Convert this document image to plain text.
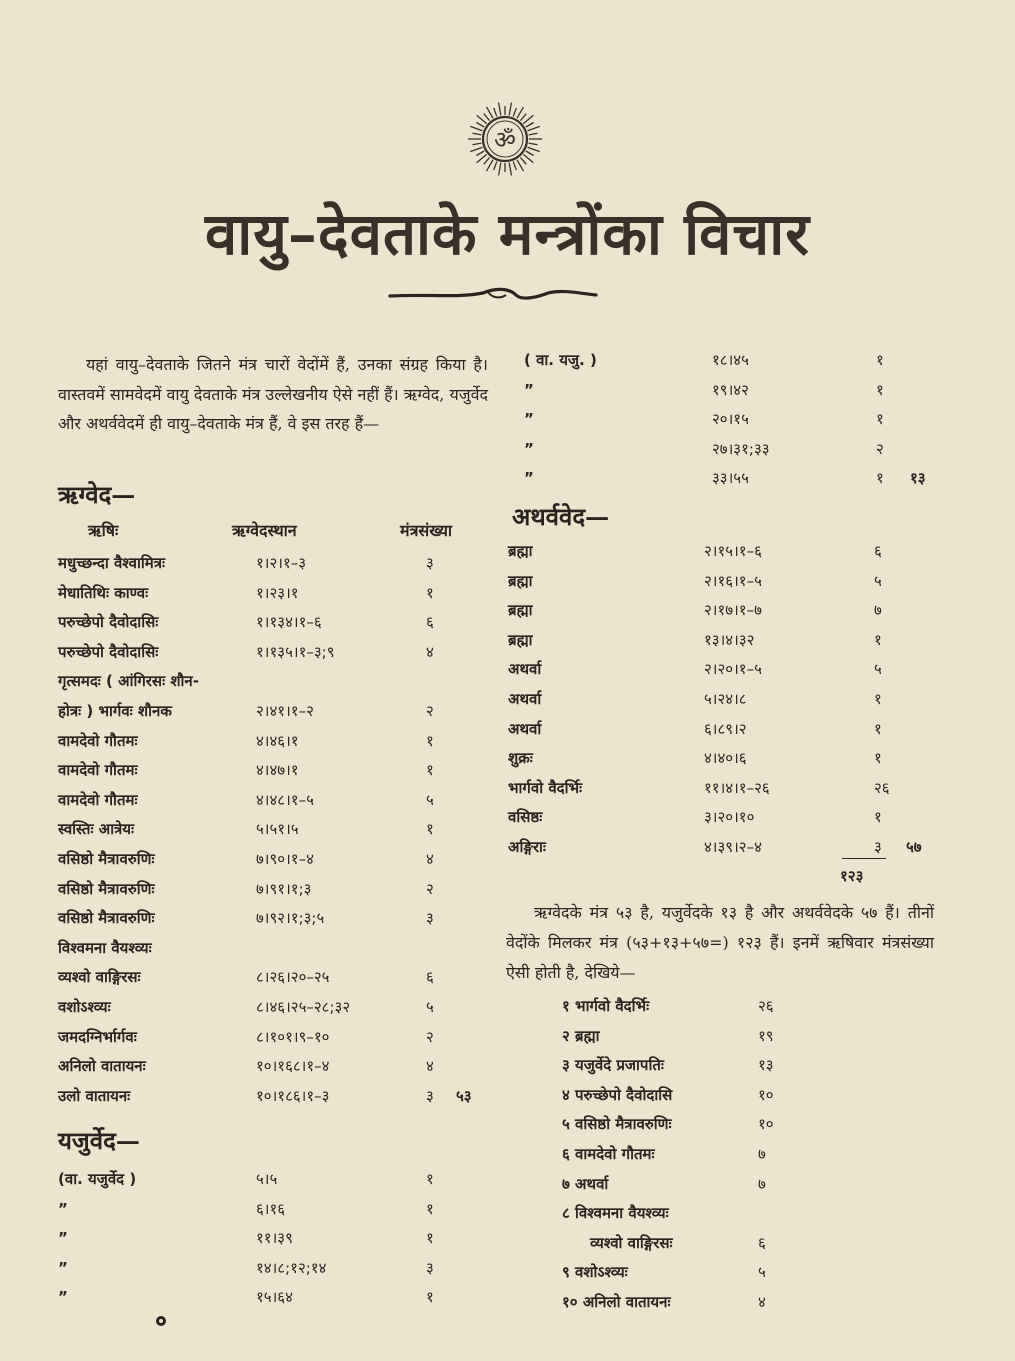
ॐ
वायु–देवताके मन्त्रोंका विचार
यहां वायु–देवताके जितने मंत्र चारों वेदोंमें हैं, उनका संग्रह किया है। वास्तवमें सामवेदमें वायु देवताके मंत्र उल्लेखनीय ऐसे नहीं हैं। ऋग्वेद, यजुर्वेद और अथर्ववेदमें ही वायु–देवताके मंत्र हैं, वे इस तरह हैं—
ऋग्वेद—
ऋषिः	ऋग्वेदस्थान	मंत्रसंख्या
मधुच्छन्दा वैश्वामित्रः	१।२।१–३	३
मेधातिथिः काण्वः	१।२३।१	१
परुच्छेपो दैवोदासिः	१।१३४।१–६	६
परुच्छेपो दैवोदासिः	१।१३५।१–३;९	४
गृत्समदः ( आंगिरसः शौन-
होत्रः ) भार्गवः शौनक	२।४१।१–२	२
वामदेवो गौतमः	४।४६।१	१
वामदेवो गौतमः	४।४७।१	१
वामदेवो गौतमः	४।४८।१–५	५
स्वस्तिः आत्रेयः	५।५१।५	१
वसिष्ठो मैत्रावरुणिः	७।९०।१–४	४
वसिष्ठो मैत्रावरुणिः	७।९१।१;३	२
वसिष्ठो मैत्रावरुणिः	७।९२।१;३;५	३
विश्वमना वैयश्व्यः
व्यश्वो वाङ्गिरसः	८।२६।२०–२५	६
वशोऽश्व्यः	८।४६।२५–२८;३२	५
जमदग्निर्भार्गवः	८।१०१।९–१०	२
अनिलो वातायनः	१०।१६८।१–४	४
उलो वातायनः	१०।१८६।१–३	३ ५३
यजुर्वेद—
(वा. यजुर्वेद )	५।५	१
”	६।१६	१
”	११।३९	१
”	१४।८;१२;१४	३
”	१५।६४	१
( वा. यजु. )	१८।४५	१
”	१९।४२	१
”	२०।१५	१
”	२७।३१;३३	२
”	३३।५५	१ १३
अथर्ववेद—
ब्रह्मा	२।१५।१–६	६
ब्रह्मा	२।१६।१–५	५
ब्रह्मा	२।१७।१–७	७
ब्रह्मा	१३।४।३२	१
अथर्वा	२।२०।१–५	५
अथर्वा	५।२४।८	१
अथर्वा	६।८९।२	१
शुक्रः	४।४०।६	१
भार्गवो वैदर्भिः	११।४।१–२६	२६
वसिष्ठः	३।२०।१०	१
अङ्गिराः	४।३९।२–४	३ ५७
१२३
ऋग्वेदके मंत्र ५३ है, यजुर्वेदके १३ है और अथर्ववेदके ५७ हैं। तीनों वेदोंके मिलकर मंत्र (५३+१३+५७=) १२३ हैं। इनमें ऋषिवार मंत्रसंख्या ऐसी होती है, देखिये—
१ भार्गवो वैदर्भिः	२६
२ ब्रह्मा	१९
३ यजुर्वेदे प्रजापतिः	१३
४ परुच्छेपो दैवोदासि	१०
५ वसिष्ठो मैत्रावरुणिः	१०
६ वामदेवो गौतमः	७
७ अथर्वा	७
८ विश्वमना वैयश्व्यः
व्यश्वो वाङ्गिरसः	६
९ वशोऽश्व्यः	५
१० अनिलो वातायनः	४
